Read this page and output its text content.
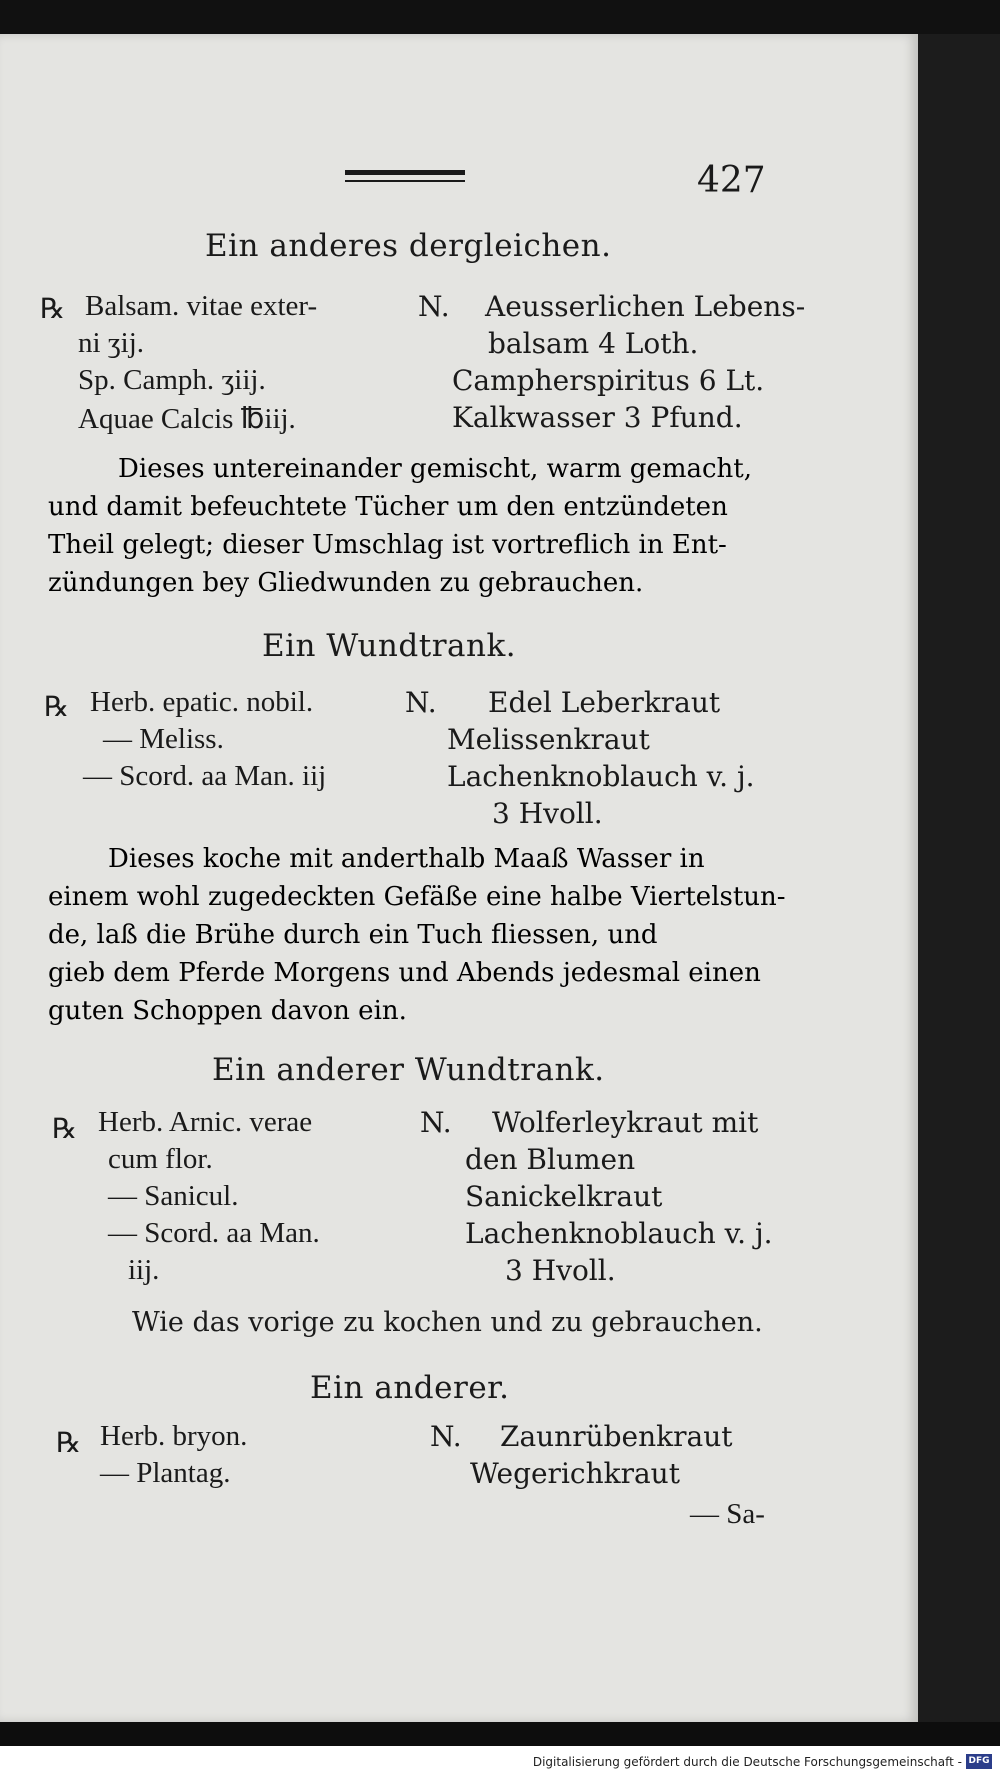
427
Ein anderes dergleichen.
℞ Balsam. vitae exter-
ni ʒij.
Sp. Camph. ʒiij.
Aquae Calcis ℔iij.
N. Aeusserlichen Lebens-
balsam 4 Loth.
Campherspiritus 6 Lt.
Kalkwasser 3 Pfund.
Dieses untereinander gemischt, warm gemacht,
und damit befeuchtete Tücher um den entzündeten
Theil gelegt; dieser Umschlag ist vortreflich in Ent-
zündungen bey Gliedwunden zu gebrauchen.
Ein Wundtrank.
℞ Herb. epatic. nobil.
— Meliss.
— Scord. aa Man. iij
N. Edel Leberkraut
Melissenkraut
Lachenknoblauch v. j.
3 Hvoll.
Dieses koche mit anderthalb Maaß Wasser in
einem wohl zugedeckten Gefäße eine halbe Viertelstun-
de, laß die Brühe durch ein Tuch fliessen, und
gieb dem Pferde Morgens und Abends jedesmal einen
guten Schoppen davon ein.
Ein anderer Wundtrank.
℞ Herb. Arnic. verae
cum flor.
— Sanicul.
— Scord. aa Man.
iij.
N. Wolferleykraut mit
den Blumen
Sanickelkraut
Lachenknoblauch v. j.
3 Hvoll.
Wie das vorige zu kochen und zu gebrauchen.
Ein anderer.
℞ Herb. bryon.
— Plantag.
N. Zaunrübenkraut
Wegerichkraut
— Sa-
Digitalisierung gefördert durch die Deutsche Forschungsgemeinschaft - DFG
